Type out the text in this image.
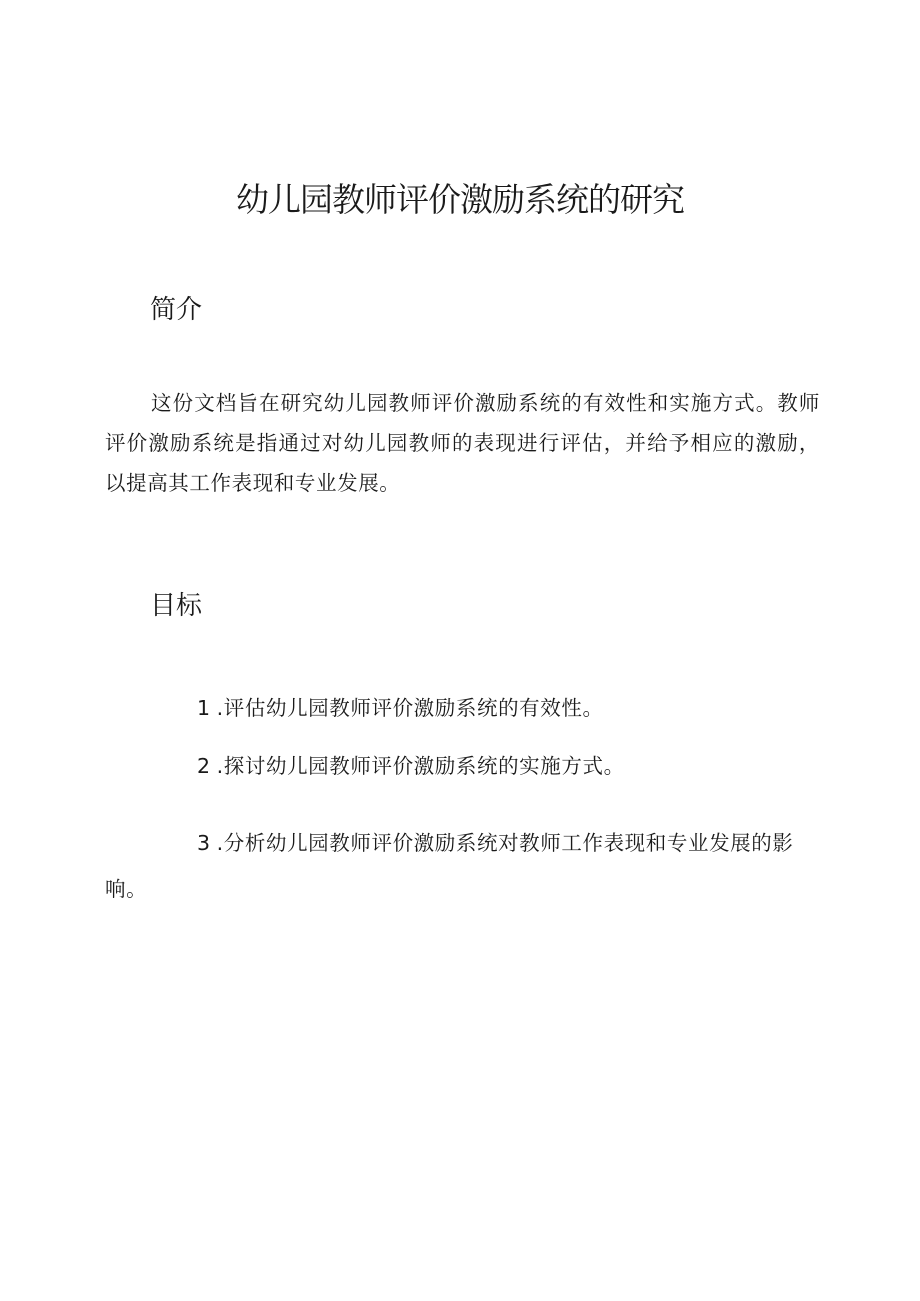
幼儿园教师评价激励系统的研究
简介

这份文档旨在研究幼儿园教师评价激励系统的有效性和实施方式。教师评价激励系统是指通过对幼儿园教师的表现进行评估，并给予相应的激励，以提高其工作表现和专业发展。

目标

1 .评估幼儿园教师评价激励系统的有效性。

2 .探讨幼儿园教师评价激励系统的实施方式。

3 .分析幼儿园教师评价激励系统对教师工作表现和专业发展的影响。
